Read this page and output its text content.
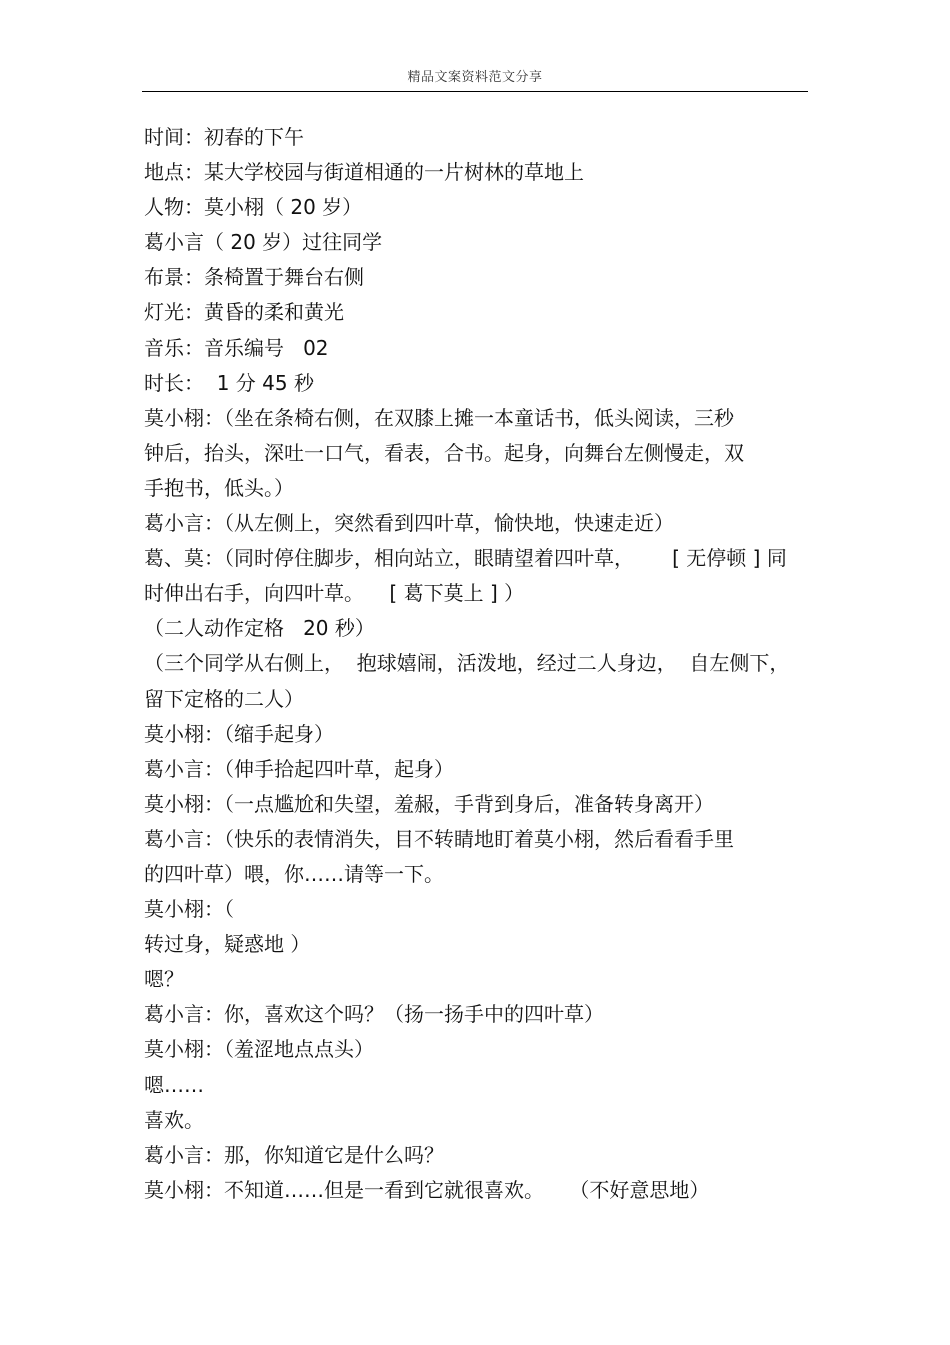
精品文案资料范文分享
时间：初春的下午
地点：某大学校园与街道相通的一片树林的草地上
人物：莫小栩（ 20 岁）
葛小言（ 20 岁）过往同学
布景：条椅置于舞台右侧
灯光：黄昏的柔和黄光
音乐：音乐编号   02
时长：  1 分 45 秒
莫小栩：（坐在条椅右侧，在双膝上摊一本童话书，低头阅读，三秒
钟后，抬头，深吐一口气，看表，合书。起身，向舞台左侧慢走，双
手抱书，低头。）
葛小言：（从左侧上，突然看到四叶草，愉快地，快速走近）
葛、莫：（同时停住脚步，相向站立，眼睛望着四叶草，      [ 无停顿 ] 同
时伸出右手，向四叶草。    [ 葛下莫上 ] ）
（二人动作定格   20 秒）
（三个同学从右侧上，  抱球嬉闹，活泼地，经过二人身边，  自左侧下，
留下定格的二人）
莫小栩：（缩手起身）
葛小言：（伸手拾起四叶草，起身）
莫小栩：（一点尴尬和失望，羞赧，手背到身后，准备转身离开）
葛小言：（快乐的表情消失，目不转睛地盯着莫小栩，然后看看手里
的四叶草）喂，你……请等一下。
莫小栩：（
转过身，疑惑地 ）
嗯？
葛小言：你，喜欢这个吗？（扬一扬手中的四叶草）
莫小栩：（羞涩地点点头）
嗯……
喜欢。
葛小言：那，你知道它是什么吗？
莫小栩：不知道……但是一看到它就很喜欢。    （不好意思地）
